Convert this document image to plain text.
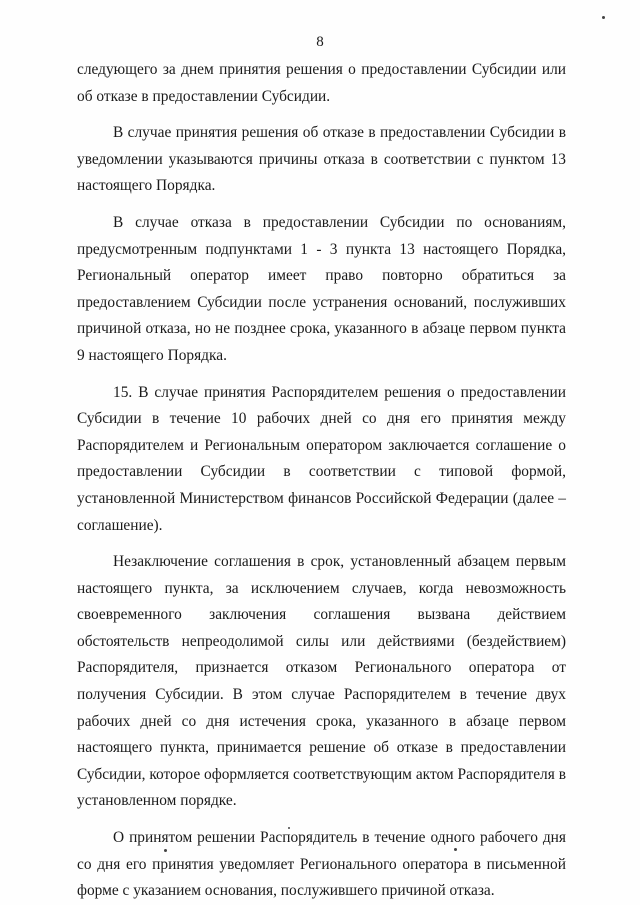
8

следующего за днем принятия решения о предоставлении Субсидии или об отказе в предоставлении Субсидии.

В случае принятия решения об отказе в предоставлении Субсидии в уведомлении указываются причины отказа в соответствии с пунктом 13 настоящего Порядка.

В случае отказа в предоставлении Субсидии по основаниям, предусмотренным подпунктами 1 - 3 пункта 13 настоящего Порядка, Региональный оператор имеет право повторно обратиться за предоставлением Субсидии после устранения оснований, послуживших причиной отказа, но не позднее срока, указанного в абзаце первом пункта 9 настоящего Порядка.

15. В случае принятия Распорядителем решения о предоставлении Субсидии в течение 10 рабочих дней со дня его принятия между Распорядителем и Региональным оператором заключается соглашение о предоставлении Субсидии в соответствии с типовой формой, установленной Министерством финансов Российской Федерации (далее – соглашение).

Незаключение соглашения в срок, установленный абзацем первым настоящего пункта, за исключением случаев, когда невозможность своевременного заключения соглашения вызвана действием обстоятельств непреодолимой силы или действиями (бездействием) Распорядителя, признается отказом Регионального оператора от получения Субсидии. В этом случае Распорядителем в течение двух рабочих дней со дня истечения срока, указанного в абзаце первом настоящего пункта, принимается решение об отказе в предоставлении Субсидии, которое оформляется соответствующим актом Распорядителя в установленном порядке.

О принятом решении Распорядитель в течение одного рабочего дня со дня его принятия уведомляет Регионального оператора в письменной форме с указанием основания, послужившего причиной отказа.
